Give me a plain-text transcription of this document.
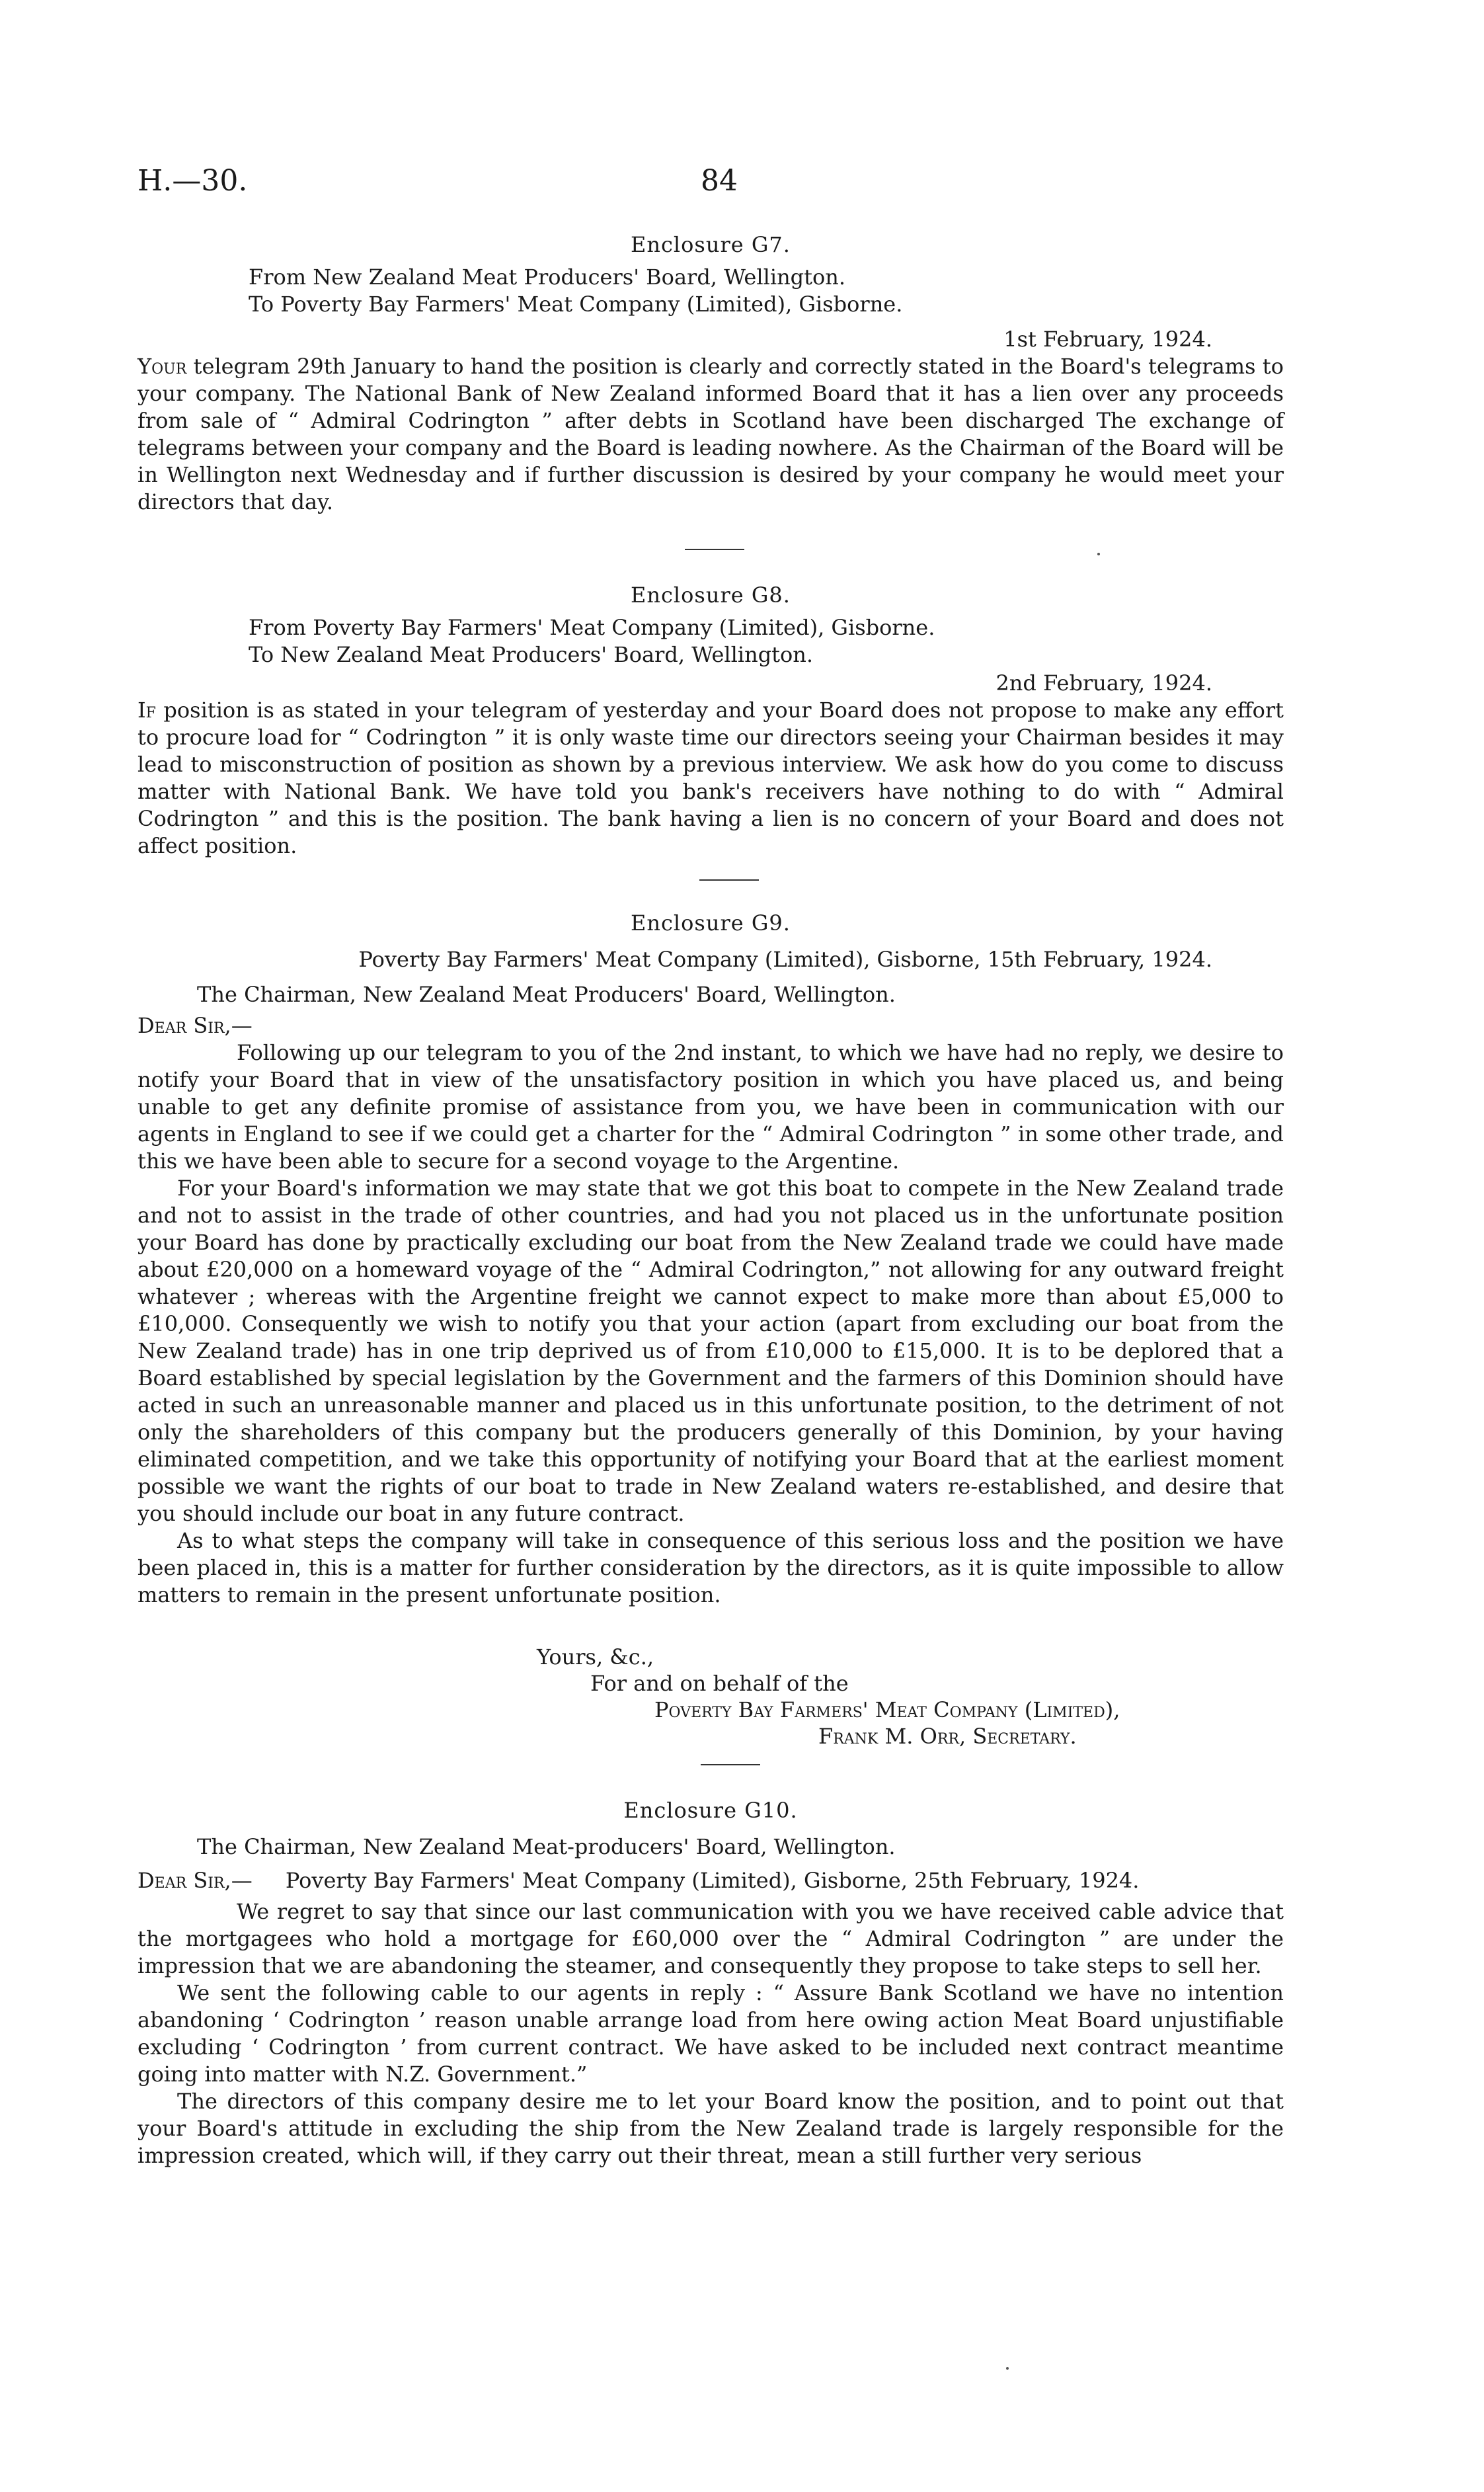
H.—30.	84
Enclosure G7.
From New Zealand Meat Producers' Board, Wellington.
To Poverty Bay Farmers' Meat Company (Limited), Gisborne.
1st February, 1924.

Your telegram 29th January to hand the position is clearly and correctly stated in the Board's telegrams to your company. The National Bank of New Zealand informed Board that it has a lien over any proceeds from sale of “ Admiral Codrington ” after debts in Scotland have been discharged The exchange of telegrams between your company and the Board is leading nowhere. As the Chairman of the Board will be in Wellington next Wednesday and if further discussion is desired by your company he would meet your directors that day.

Enclosure G8.
From Poverty Bay Farmers' Meat Company (Limited), Gisborne.
To New Zealand Meat Producers' Board, Wellington.
2nd February, 1924.

If position is as stated in your telegram of yesterday and your Board does not propose to make any effort to procure load for “ Codrington ” it is only waste time our directors seeing your Chairman besides it may lead to misconstruction of position as shown by a previous interview. We ask how do you come to discuss matter with National Bank. We have told you bank's receivers have nothing to do with “ Admiral Codrington ” and this is the position. The bank having a lien is no concern of your Board and does not affect position.

Enclosure G9.
Poverty Bay Farmers' Meat Company (Limited), Gisborne, 15th February, 1924.
The Chairman, New Zealand Meat Producers' Board, Wellington.
Dear Sir,—

Following up our telegram to you of the 2nd instant, to which we have had no reply, we desire to notify your Board that in view of the unsatisfactory position in which you have placed us, and being unable to get any definite promise of assistance from you, we have been in communication with our agents in England to see if we could get a charter for the “ Admiral Codrington ” in some other trade, and this we have been able to secure for a second voyage to the Argentine.

For your Board's information we may state that we got this boat to compete in the New Zealand trade and not to assist in the trade of other countries, and had you not placed us in the unfortunate position your Board has done by practically excluding our boat from the New Zealand trade we could have made about £20,000 on a homeward voyage of the “ Admiral Codrington,” not allowing for any outward freight whatever ; whereas with the Argentine freight we cannot expect to make more than about £5,000 to £10,000. Consequently we wish to notify you that your action (apart from excluding our boat from the New Zealand trade) has in one trip deprived us of from £10,000 to £15,000. It is to be deplored that a Board established by special legislation by the Government and the farmers of this Dominion should have acted in such an unreasonable manner and placed us in this unfortunate position, to the detriment of not only the shareholders of this company but the producers generally of this Dominion, by your having eliminated competition, and we take this opportunity of notifying your Board that at the earliest moment possible we want the rights of our boat to trade in New Zealand waters re-established, and desire that you should include our boat in any future contract.

As to what steps the company will take in consequence of this serious loss and the position we have been placed in, this is a matter for further consideration by the directors, as it is quite impossible to allow matters to remain in the present unfortunate position.

Yours, &c.,
For and on behalf of the
Poverty Bay Farmers' Meat Company (Limited),
Frank M. Orr, Secretary.
Enclosure G10.
The Chairman, New Zealand Meat-producers' Board, Wellington.
Dear Sir,— Poverty Bay Farmers' Meat Company (Limited), Gisborne, 25th February, 1924.

We regret to say that since our last communication with you we have received cable advice that the mortgagees who hold a mortgage for £60,000 over the “ Admiral Codrington ” are under the impression that we are abandoning the steamer, and consequently they propose to take steps to sell her.

We sent the following cable to our agents in reply : “ Assure Bank Scotland we have no intention abandoning ‘ Codrington ’ reason unable arrange load from here owing action Meat Board unjustifiable excluding ‘ Codrington ’ from current contract. We have asked to be included next contract meantime going into matter with N.Z. Government.”

The directors of this company desire me to let your Board know the position, and to point out that your Board's attitude in excluding the ship from the New Zealand trade is largely responsible for the impression created, which will, if they carry out their threat, mean a still further very serious
